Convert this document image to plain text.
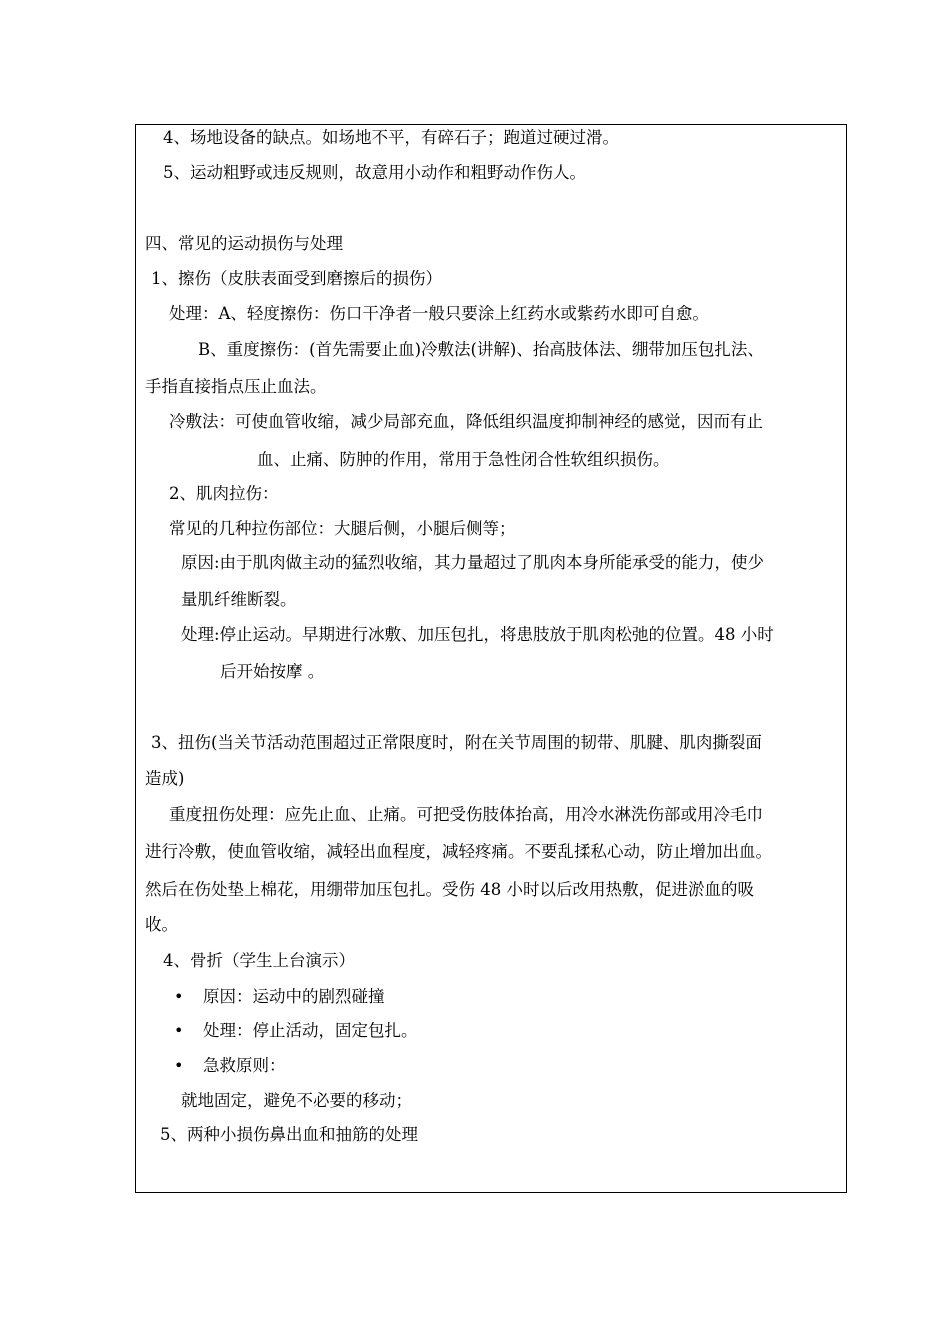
4、场地设备的缺点。如场地不平，有碎石子；跑道过硬过滑。
5、运动粗野或违反规则，故意用小动作和粗野动作伤人。
四、常见的运动损伤与处理
1、擦伤（皮肤表面受到磨擦后的损伤）
处理：A、轻度擦伤：伤口干净者一般只要涂上红药水或紫药水即可自愈。
B、重度擦伤：(首先需要止血)冷敷法(讲解)、抬高肢体法、绷带加压包扎法、
手指直接指点压止血法。
冷敷法：可使血管收缩，减少局部充血，降低组织温度抑制神经的感觉，因而有止
血、止痛、防肿的作用，常用于急性闭合性软组织损伤。
2、肌肉拉伤：
常见的几种拉伤部位：大腿后侧，小腿后侧等；
原因:由于肌肉做主动的猛烈收缩，其力量超过了肌肉本身所能承受的能力，使少
量肌纤维断裂。
处理:停止运动。早期进行冰敷、加压包扎，将患肢放于肌肉松弛的位置。48 小时
后开始按摩 。
3、扭伤(当关节活动范围超过正常限度时，附在关节周围的韧带、肌腱、肌肉撕裂面
造成)
重度扭伤处理：应先止血、止痛。可把受伤肢体抬高，用冷水淋洗伤部或用冷毛巾
进行冷敷，使血管收缩，减轻出血程度，减轻疼痛。不要乱揉私心动，防止增加出血。
然后在伤处垫上棉花，用绷带加压包扎。受伤 48 小时以后改用热敷，促进淤血的吸
收。
4、骨折（学生上台演示）
• 原因：运动中的剧烈碰撞
• 处理：停止活动，固定包扎。
• 急救原则：
就地固定，避免不必要的移动；
5、两种小损伤鼻出血和抽筋的处理
